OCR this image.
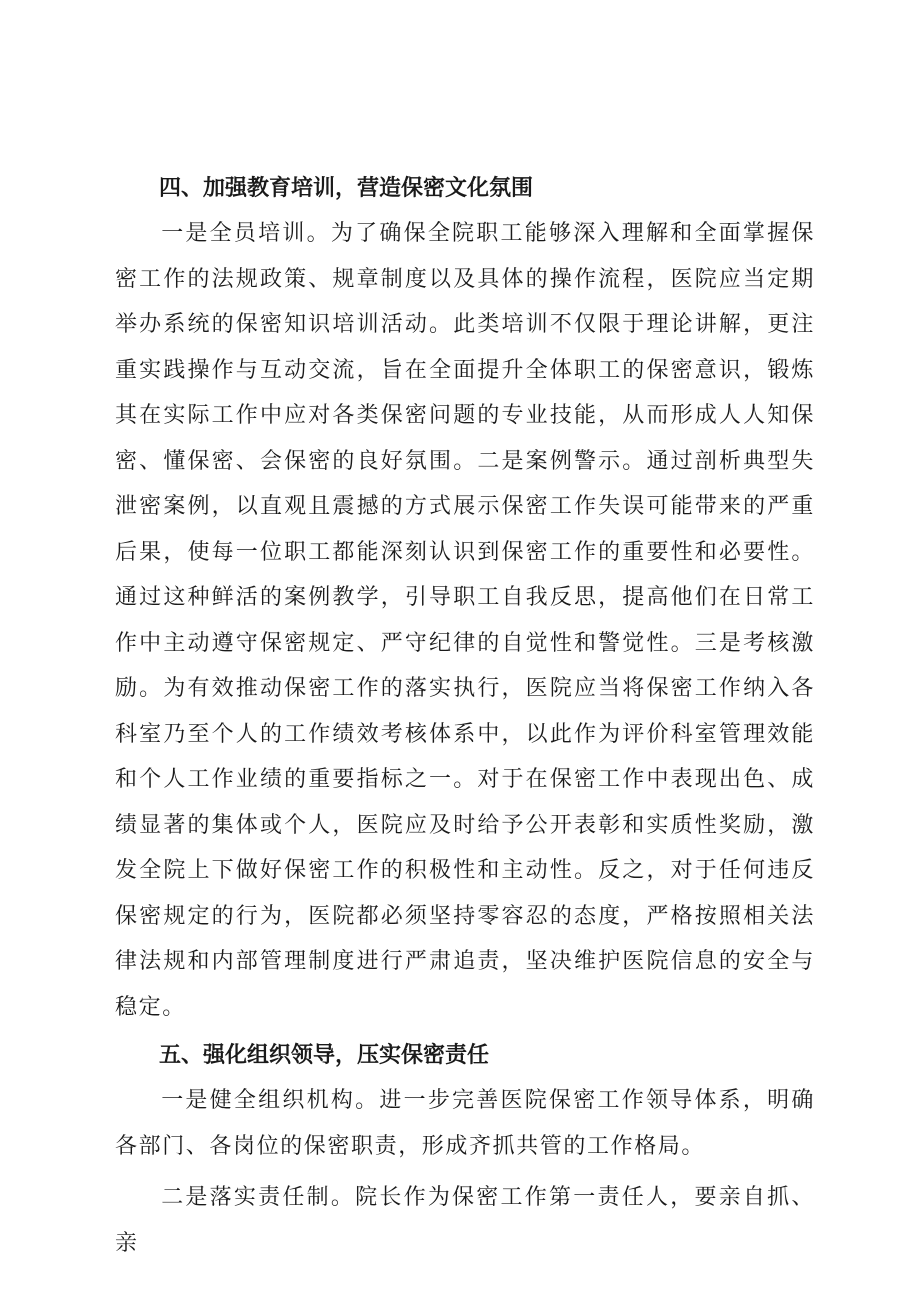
四、加强教育培训，营造保密文化氛围

一是全员培训。为了确保全院职工能够深入理解和全面掌握保密工作的法规政策、规章制度以及具体的操作流程，医院应当定期举办系统的保密知识培训活动。此类培训不仅限于理论讲解，更注重实践操作与互动交流，旨在全面提升全体职工的保密意识，锻炼其在实际工作中应对各类保密问题的专业技能，从而形成人人知保密、懂保密、会保密的良好氛围。二是案例警示。通过剖析典型失泄密案例，以直观且震撼的方式展示保密工作失误可能带来的严重后果，使每一位职工都能深刻认识到保密工作的重要性和必要性。通过这种鲜活的案例教学，引导职工自我反思，提高他们在日常工作中主动遵守保密规定、严守纪律的自觉性和警觉性。三是考核激励。为有效推动保密工作的落实执行，医院应当将保密工作纳入各科室乃至个人的工作绩效考核体系中，以此作为评价科室管理效能和个人工作业绩的重要指标之一。对于在保密工作中表现出色、成绩显著的集体或个人，医院应及时给予公开表彰和实质性奖励，激发全院上下做好保密工作的积极性和主动性。反之，对于任何违反保密规定的行为，医院都必须坚持零容忍的态度，严格按照相关法律法规和内部管理制度进行严肃追责，坚决维护医院信息的安全与稳定。

五、强化组织领导，压实保密责任

一是健全组织机构。进一步完善医院保密工作领导体系，明确各部门、各岗位的保密职责，形成齐抓共管的工作格局。

二是落实责任制。院长作为保密工作第一责任人，要亲自抓、亲
